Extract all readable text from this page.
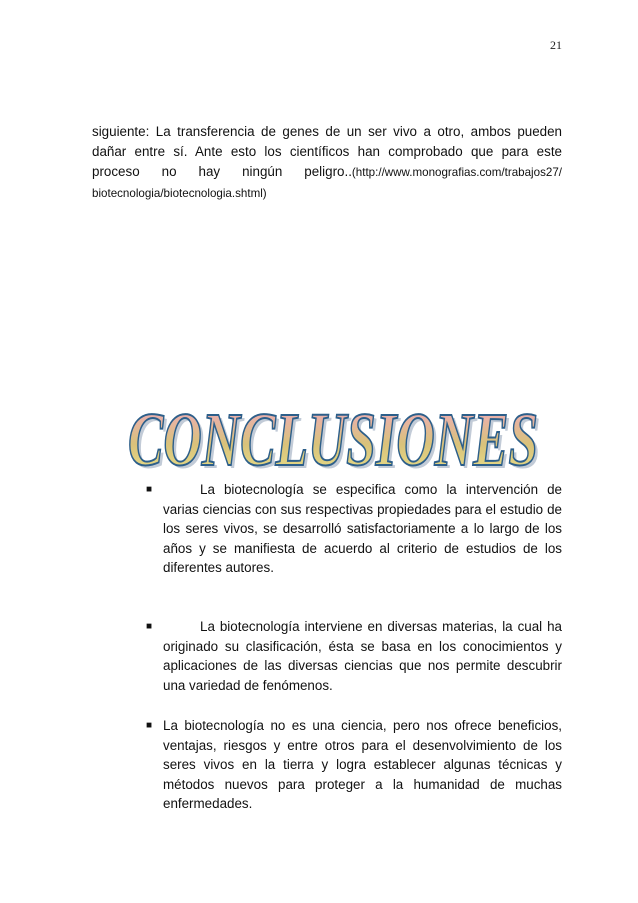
21
siguiente: La transferencia de genes de un ser vivo a otro, ambos pueden dañar entre sí. Ante esto los científicos han comprobado que para este proceso no hay ningún peligro..(http://www.monografias.com/trabajos27/ biotecnologia/biotecnologia.shtml)
CONCLUSIONES
CONCLUSIONES
■	La biotecnología se especifica como la intervención de varias ciencias con sus respectivas propiedades para el estudio de los seres vivos, se desarrolló satisfactoriamente a lo largo de los años y se manifiesta de acuerdo al criterio de estudios de los diferentes autores.
■	La biotecnología interviene en diversas materias, la cual ha originado su clasificación, ésta se basa en los conocimientos y aplicaciones de las diversas ciencias que nos permite descubrir una variedad de fenómenos.
■ La biotecnología no es una ciencia, pero nos ofrece beneficios, ventajas, riesgos y entre otros para el desenvolvimiento de los seres vivos en la tierra y logra establecer algunas técnicas y métodos nuevos para proteger a la humanidad de muchas enfermedades.
